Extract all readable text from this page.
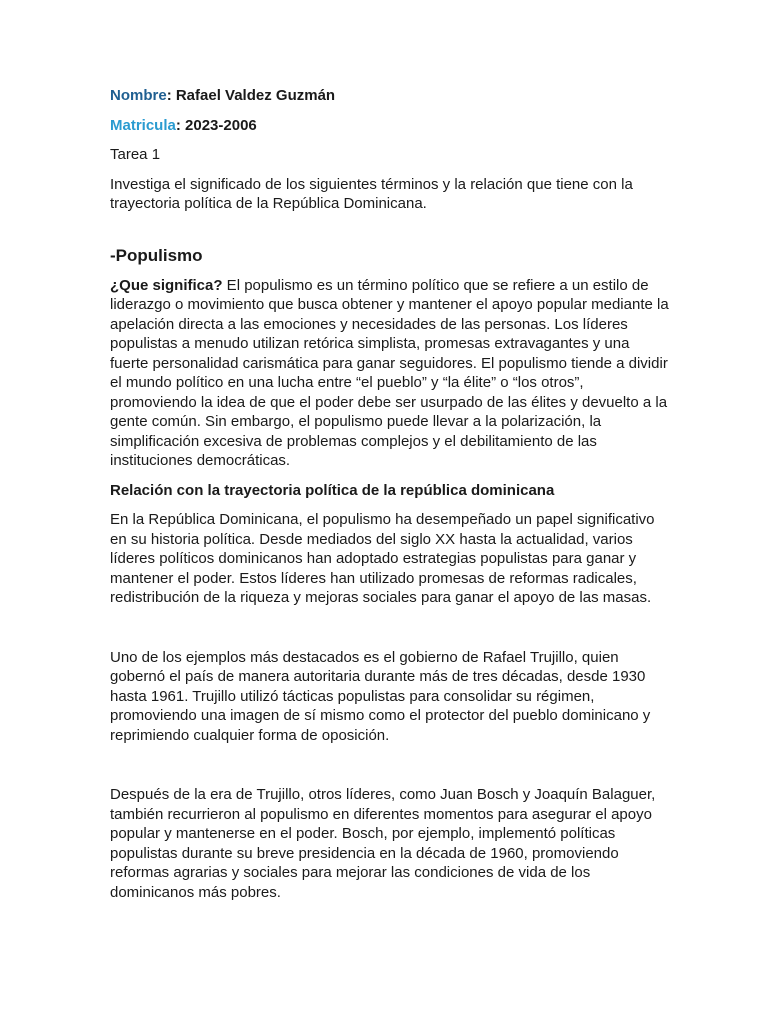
Nombre: Rafael Valdez Guzmán
Matricula: 2023-2006

Tarea 1

Investiga el significado de los siguientes términos y la relación que tiene con la trayectoria política de la República Dominicana.

-Populismo

¿Que significa? El populismo es un término político que se refiere a un estilo de liderazgo o movimiento que busca obtener y mantener el apoyo popular mediante la apelación directa a las emociones y necesidades de las personas. Los líderes populistas a menudo utilizan retórica simplista, promesas extravagantes y una fuerte personalidad carismática para ganar seguidores. El populismo tiende a dividir el mundo político en una lucha entre “el pueblo” y “la élite” o “los otros”, promoviendo la idea de que el poder debe ser usurpado de las élites y devuelto a la gente común. Sin embargo, el populismo puede llevar a la polarización, la simplificación excesiva de problemas complejos y el debilitamiento de las instituciones democráticas.

Relación con la trayectoria política de la república dominicana

En la República Dominicana, el populismo ha desempeñado un papel significativo en su historia política. Desde mediados del siglo XX hasta la actualidad, varios líderes políticos dominicanos han adoptado estrategias populistas para ganar y mantener el poder. Estos líderes han utilizado promesas de reformas radicales, redistribución de la riqueza y mejoras sociales para ganar el apoyo de las masas.

Uno de los ejemplos más destacados es el gobierno de Rafael Trujillo, quien gobernó el país de manera autoritaria durante más de tres décadas, desde 1930 hasta 1961. Trujillo utilizó tácticas populistas para consolidar su régimen, promoviendo una imagen de sí mismo como el protector del pueblo dominicano y reprimiendo cualquier forma de oposición.

Después de la era de Trujillo, otros líderes, como Juan Bosch y Joaquín Balaguer, también recurrieron al populismo en diferentes momentos para asegurar el apoyo popular y mantenerse en el poder. Bosch, por ejemplo, implementó políticas populistas durante su breve presidencia en la década de 1960, promoviendo reformas agrarias y sociales para mejorar las condiciones de vida de los dominicanos más pobres.
